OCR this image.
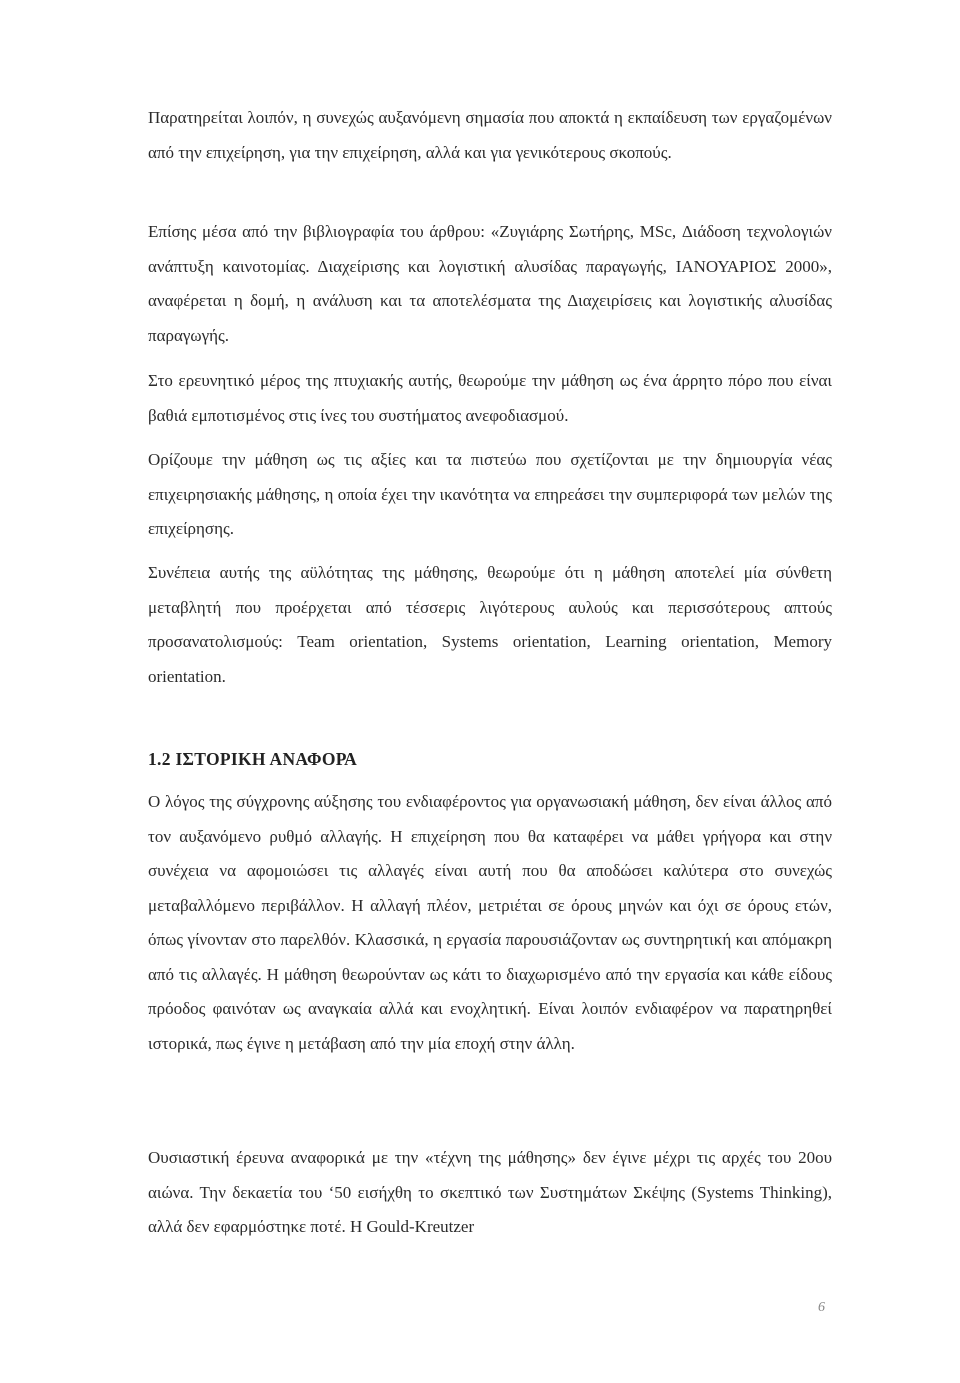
Παρατηρείται λοιπόν, η συνεχώς αυξανόμενη σημασία που αποκτά η εκπαίδευση των εργαζομένων από την επιχείρηση, για την επιχείρηση, αλλά και για γενικότερους σκοπούς.

Επίσης μέσα από την βιβλιογραφία του άρθρου: «Ζυγιάρης Σωτήρης, MSc, Διάδοση τεχνολογιών ανάπτυξη καινοτομίας. Διαχείρισης και λογιστική αλυσίδας παραγωγής, ΙΑΝΟΥΑΡΙΟΣ 2000», αναφέρεται η δομή, η ανάλυση και τα αποτελέσματα της Διαχειρίσεις και λογιστικής αλυσίδας παραγωγής.

Στο ερευνητικό μέρος της πτυχιακής αυτής, θεωρούμε την μάθηση ως ένα άρρητο πόρο που είναι βαθιά εμποτισμένος στις ίνες του συστήματος ανεφοδιασμού.

Ορίζουμε την μάθηση ως τις αξίες και τα πιστεύω που σχετίζονται με την δημιουργία νέας επιχειρησιακής μάθησης, η οποία έχει την ικανότητα να επηρεάσει την συμπεριφορά των μελών της επιχείρησης.

Συνέπεια αυτής της αϋλότητας της μάθησης, θεωρούμε ότι η μάθηση αποτελεί μία σύνθετη μεταβλητή που προέρχεται από τέσσερις λιγότερους αυλούς και περισσότερους απτούς προσανατολισμούς: Team orientation, Systems orientation, Learning orientation, Memory orientation.

1.2 ΙΣΤΟΡΙΚΗ ΑΝΑΦΟΡΑ

Ο λόγος της σύγχρονης αύξησης του ενδιαφέροντος για οργανωσιακή μάθηση, δεν είναι άλλος από τον αυξανόμενο ρυθμό αλλαγής. Η επιχείρηση που θα καταφέρει να μάθει γρήγορα και στην συνέχεια να αφομοιώσει τις αλλαγές είναι αυτή που θα αποδώσει καλύτερα στο συνεχώς μεταβαλλόμενο περιβάλλον. Η αλλαγή πλέον, μετριέται σε όρους μηνών και όχι σε όρους ετών, όπως γίνονταν στο παρελθόν. Κλασσικά, η εργασία παρουσιάζονταν ως συντηρητική και απόμακρη από τις αλλαγές. Η μάθηση θεωρούνταν ως κάτι το διαχωρισμένο από την εργασία και κάθε είδους πρόοδος φαινόταν ως αναγκαία αλλά και ενοχλητική. Είναι λοιπόν ενδιαφέρον να παρατηρηθεί ιστορικά, πως έγινε η μετάβαση από την μία εποχή στην άλλη.

Ουσιαστική έρευνα αναφορικά με την «τέχνη της μάθησης» δεν έγινε μέχρι τις αρχές του 20ου αιώνα. Την δεκαετία του ‘50 εισήχθη το σκεπτικό των Συστημάτων Σκέψης (Systems Thinking), αλλά δεν εφαρμόστηκε ποτέ. Η Gould-Kreutzer

6
